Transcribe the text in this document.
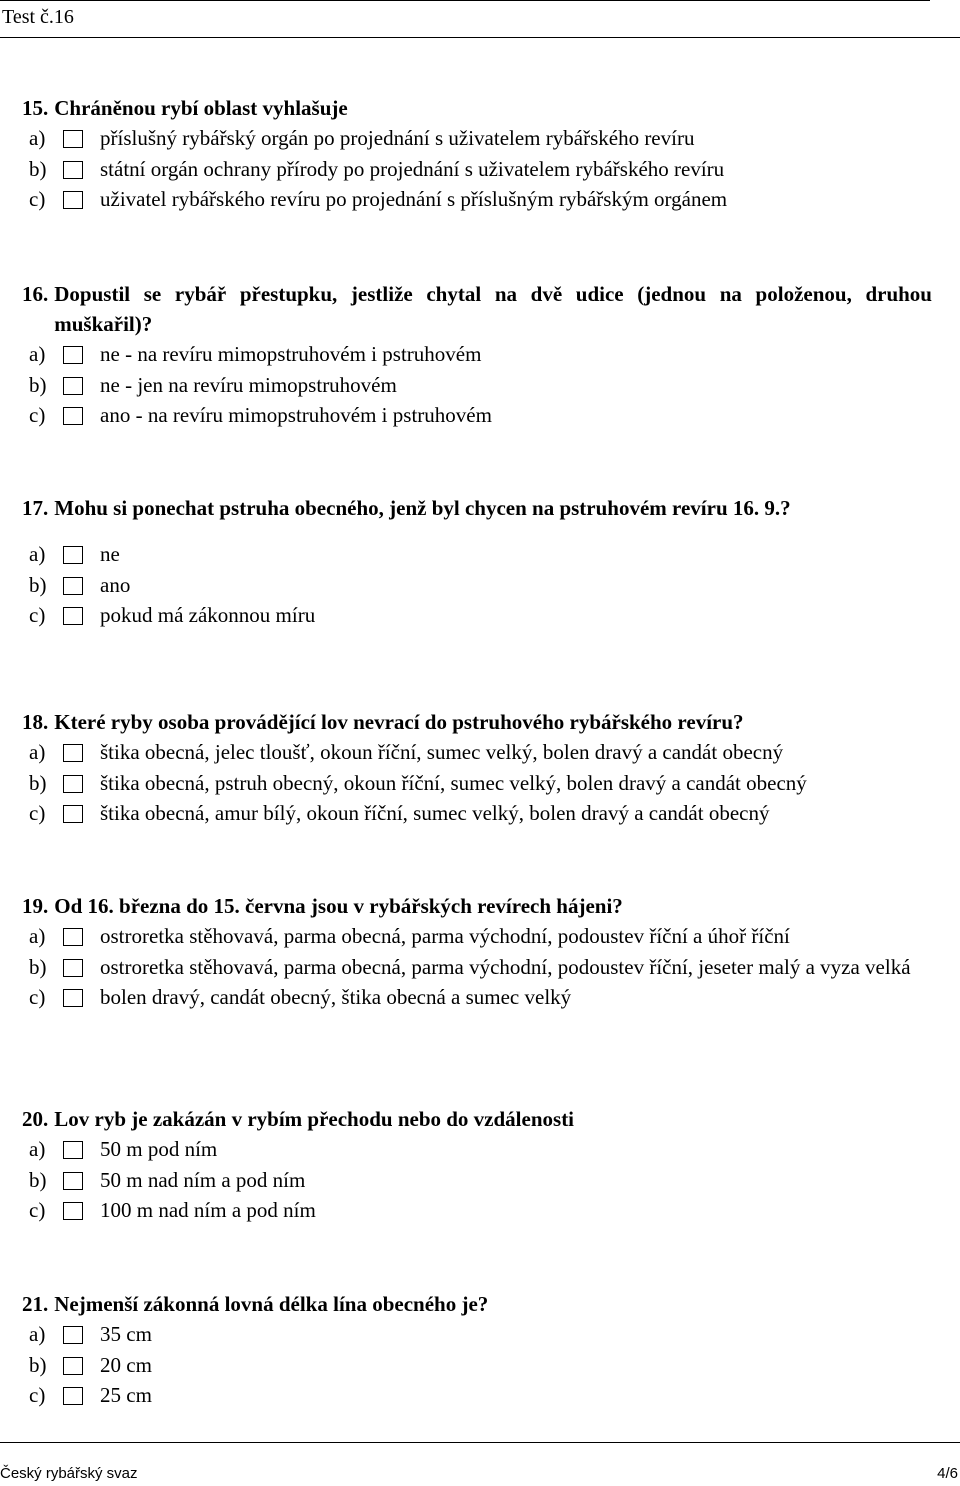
Test č.16
15. Chráněnou rybí oblast vyhlašuje
a)	příslušný rybářský orgán po projednání s uživatelem rybářského revíru
b)	státní orgán ochrany přírody po projednání s uživatelem rybářského revíru
c)	uživatel rybářského revíru po projednání s příslušným rybářským orgánem
16. Dopustil se rybář přestupku, jestliže chytal na dvě udice (jednou na položenou, druhou muškařil)?
a)	ne - na revíru mimopstruhovém i pstruhovém
b)	ne - jen na revíru mimopstruhovém
c)	ano - na revíru mimopstruhovém i pstruhovém
17. Mohu si ponechat pstruha obecného, jenž byl chycen na pstruhovém revíru 16. 9.?
a)	ne
b)	ano
c)	pokud má zákonnou míru
18. Které ryby osoba provádějící lov nevrací do pstruhového rybářského revíru?
a)	štika obecná, jelec tloušť, okoun říční, sumec velký, bolen dravý a candát obecný
b)	štika obecná, pstruh obecný, okoun říční, sumec velký, bolen dravý a candát obecný
c)	štika obecná, amur bílý, okoun říční, sumec velký, bolen dravý a candát obecný
19. Od 16. března do 15. června jsou v rybářských revírech hájeni?
a)	ostroretka stěhovavá, parma obecná, parma východní, podoustev říční a úhoř říční
b)	ostroretka stěhovavá, parma obecná, parma východní, podoustev říční, jeseter malý a vyza velká
c)	bolen dravý, candát obecný, štika obecná a sumec velký
20. Lov ryb je zakázán v rybím přechodu nebo do vzdálenosti
a)	50 m pod ním
b)	50 m nad ním a pod ním
c)	100 m nad ním a pod ním
21. Nejmenší zákonná lovná délka lína obecného je?
a)	35 cm
b)	20 cm
c)	25 cm
Český rybářský svaz	4/6
